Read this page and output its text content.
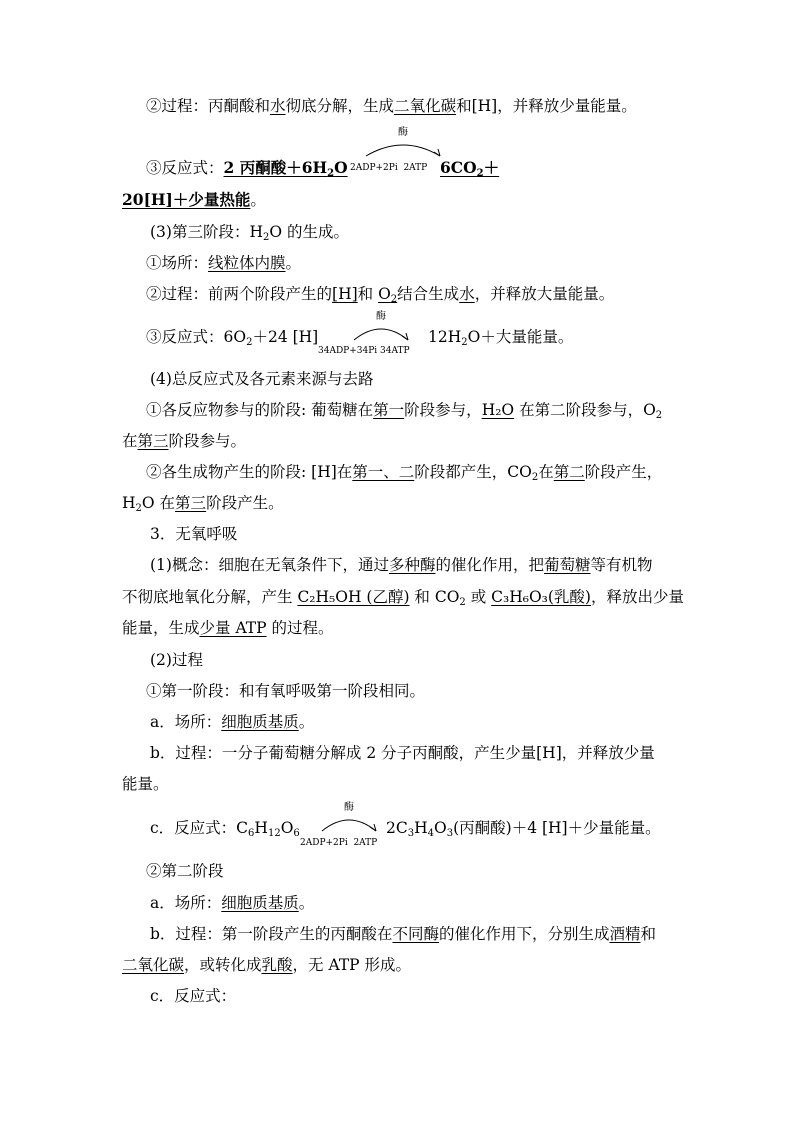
②过程：丙酮酸和水彻底分解，生成二氧化碳和[H]，并释放少量能量。
③反应式：2 丙酮酸$+6H_2O$
酶
2ADP+2Pi 2ATP $6CO_2+$
20[H]＋少量热能。
(3)第三阶段：$H_2O$ 的生成。
①场所：线粒体内膜。
②过程：前两个阶段产生的[H]和 $O_2$结合生成水，并释放大量能量。
③反应式：$6O_2+24$ [H]
酶
34ADP+34Pi 34ATP
$12H_2O+$大量能量。
(4)总反应式及各元素来源与去路
①各反应物参与的阶段: 葡萄糖在第一阶段参与，H₂O 在第二阶段参与，$O_2$
在第三阶段参与。
②各生成物产生的阶段: [H]在第一、二阶段都产生，$CO_2$在第二阶段产生，
$H_2O$ 在第三阶段产生。
3．无氧呼吸
(1)概念：细胞在无氧条件下，通过多种酶的催化作用，把葡萄糖等有机物
不彻底地氧化分解，产生 C₂H₅OH (乙醇) 和 $CO_2$ 或 C₃H₆O₃(乳酸)，释放出少量
能量，生成少量 ATP 的过程。
(2)过程
①第一阶段：和有氧呼吸第一阶段相同。
a．场所：细胞质基质。
b．过程：一分子葡萄糖分解成 2 分子丙酮酸，产生少量[H]，并释放少量
能量。
c．反应式：$C_6H_{12}O_6$
酶
2ADP+2Pi 2ATP
$2C_3H_4O_3$(丙酮酸)＋4 [H]＋少量能量。
②第二阶段
a．场所：细胞质基质。
b．过程：第一阶段产生的丙酮酸在不同酶的催化作用下，分别生成酒精和
二氧化碳，或转化成乳酸，无 ATP 形成。
c．反应式：
